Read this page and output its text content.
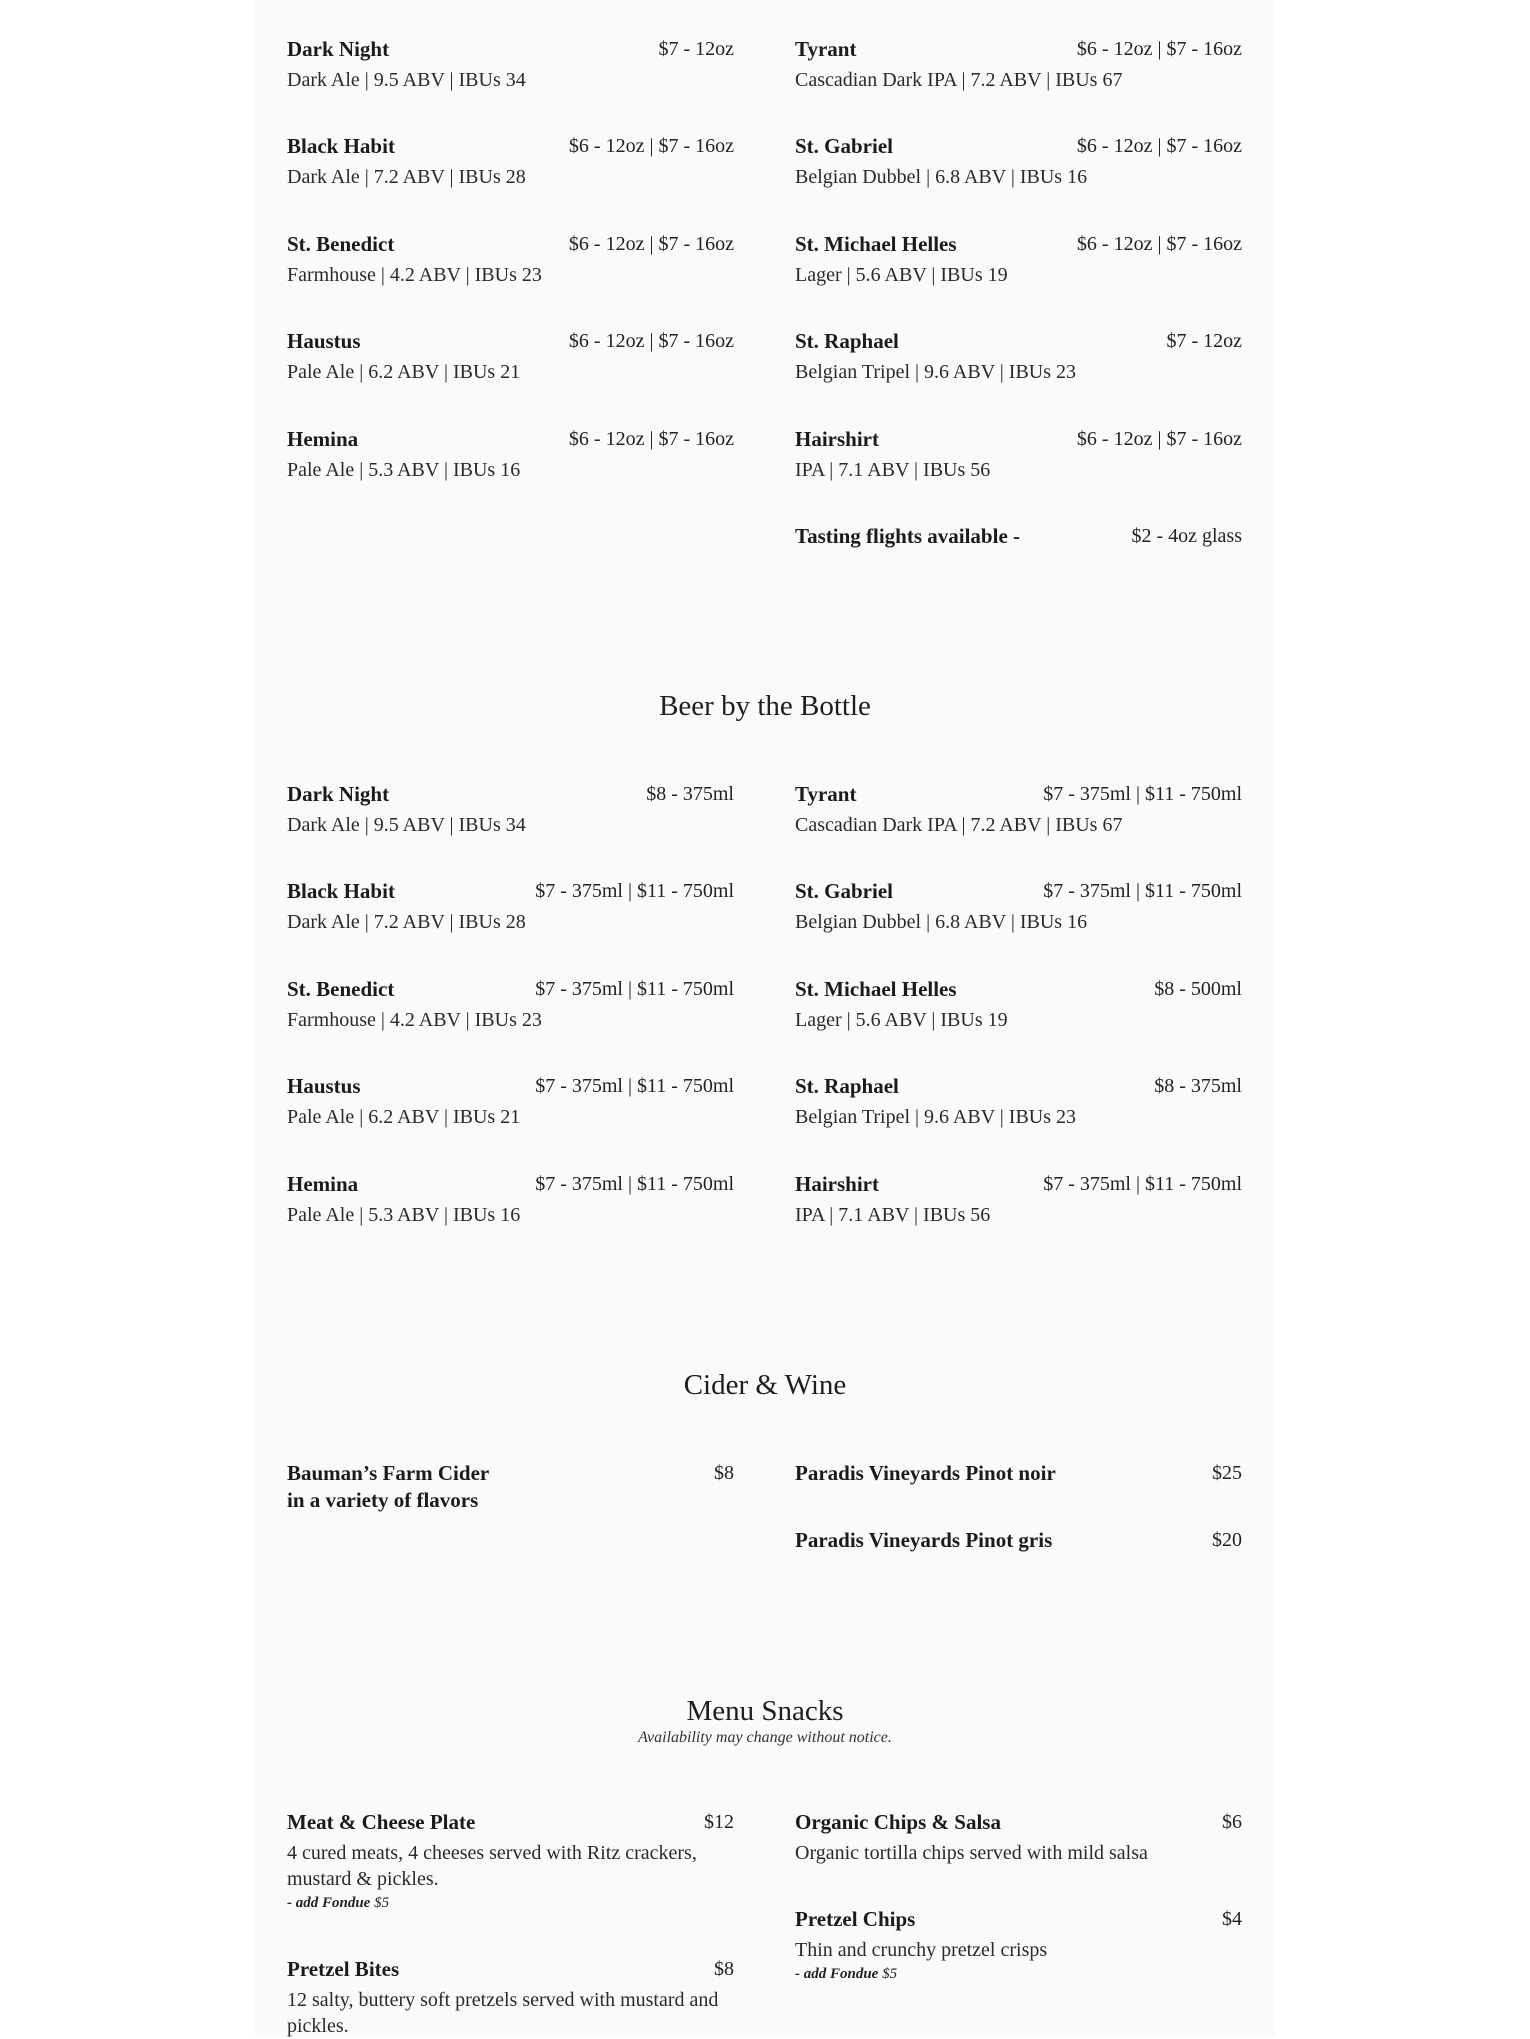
Dark Night	$7 - 12oz
Dark Ale | 9.5 ABV | IBUs 34
Black Habit	$6 - 12oz | $7 - 16oz
Dark Ale | 7.2 ABV | IBUs 28
St. Benedict	$6 - 12oz | $7 - 16oz
Farmhouse | 4.2 ABV | IBUs 23
Haustus	$6 - 12oz | $7 - 16oz
Pale Ale | 6.2 ABV | IBUs 21
Hemina	$6 - 12oz | $7 - 16oz
Pale Ale | 5.3 ABV | IBUs 16
Tyrant	$6 - 12oz | $7 - 16oz
Cascadian Dark IPA | 7.2 ABV | IBUs 67
St. Gabriel	$6 - 12oz | $7 - 16oz
Belgian Dubbel | 6.8 ABV | IBUs 16
St. Michael Helles	$6 - 12oz | $7 - 16oz
Lager | 5.6 ABV | IBUs 19
St. Raphael	$7 - 12oz
Belgian Tripel | 9.6 ABV | IBUs 23
Hairshirt	$6 - 12oz | $7 - 16oz
IPA | 7.1 ABV | IBUs 56
Tasting flights available -	$2 - 4oz glass
Beer by the Bottle
Dark Night	$8 - 375ml
Dark Ale | 9.5 ABV | IBUs 34
Black Habit	$7 - 375ml | $11 - 750ml
Dark Ale | 7.2 ABV | IBUs 28
St. Benedict	$7 - 375ml | $11 - 750ml
Farmhouse | 4.2 ABV | IBUs 23
Haustus	$7 - 375ml | $11 - 750ml
Pale Ale | 6.2 ABV | IBUs 21
Hemina	$7 - 375ml | $11 - 750ml
Pale Ale | 5.3 ABV | IBUs 16
Tyrant	$7 - 375ml | $11 - 750ml
Cascadian Dark IPA | 7.2 ABV | IBUs 67
St. Gabriel	$7 - 375ml | $11 - 750ml
Belgian Dubbel | 6.8 ABV | IBUs 16
St. Michael Helles	$8 - 500ml
Lager | 5.6 ABV | IBUs 19
St. Raphael	$8 - 375ml
Belgian Tripel | 9.6 ABV | IBUs 23
Hairshirt	$7 - 375ml | $11 - 750ml
IPA | 7.1 ABV | IBUs 56
Cider & Wine
Bauman’s Farm Cider
in a variety of flavors
$8	Paradis Vineyards Pinot noir	$25
Paradis Vineyards Pinot gris	$20
Menu Snacks
Availability may change without notice.
Meat & Cheese Plate	$12
4 cured meats, 4 cheeses served with Ritz crackers, mustard & pickles.
- add Fondue $5
Pretzel Bites	$8
12 salty, buttery soft pretzels served with mustard and pickles.
Organic Chips & Salsa	$6
Organic tortilla chips served with mild salsa
Pretzel Chips	$4
Thin and crunchy pretzel crisps
- add Fondue $5
